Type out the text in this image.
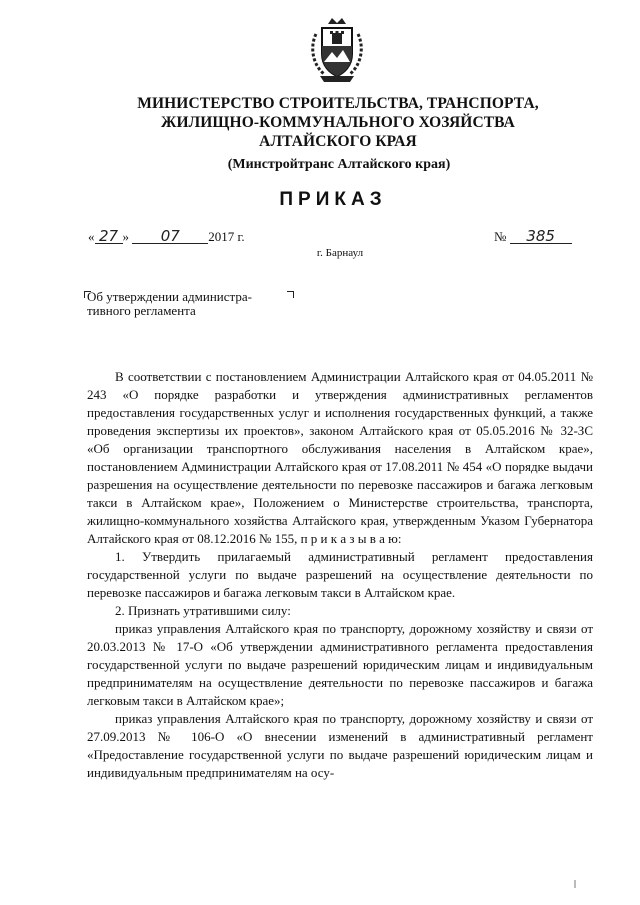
МИНИСТЕРСТВО СТРОИТЕЛЬСТВА, ТРАНСПОРТА,
ЖИЛИЩНО-КОММУНАЛЬНОГО ХОЗЯЙСТВА
АЛТАЙСКОГО КРАЯ
(Минстройтранс Алтайского края)
ПРИКАЗ
« 27 » 07 2017 г.	№ 385
г. Барнаул
Об утверждении администра-
тивного регламента

В соответствии с постановлением Администрации Алтайского края от 04.05.2011 № 243 «О порядке разработки и утверждения административных регламентов предоставления государственных услуг и исполнения государственных функций, а также проведения экспертизы их проектов», законом Алтайского края от 05.05.2016 № 32-ЗС «Об организации транспортного обслуживания населения в Алтайском крае», постановлением Администрации Алтайского края от 17.08.2011 № 454 «О порядке выдачи разрешения на осуществление деятельности по перевозке пассажиров и багажа легковым такси в Алтайском крае», Положением о Министерстве строительства, транспорта, жилищно-коммунального хозяйства Алтайского края, утвержденным Указом Губернатора Алтайского края от 08.12.2016 № 155, п р и к а з ы в а ю:

1. Утвердить прилагаемый административный регламент предоставления государственной услуги по выдаче разрешений на осуществление деятельности по перевозке пассажиров и багажа легковым такси в Алтайском крае.

2. Признать утратившими силу:

приказ управления Алтайского края по транспорту, дорожному хозяйству и связи от 20.03.2013 № 17-О «Об утверждении административного регламента предоставления государственной услуги по выдаче разрешений юридическим лицам и индивидуальным предпринимателям на осуществление деятельности по перевозке пассажиров и багажа легковым такси в Алтайском крае»;

приказ управления Алтайского края по транспорту, дорожному хозяйству и связи от 27.09.2013 № 106-О «О внесении изменений в административный регламент «Предоставление государственной услуги по выдаче разрешений юридическим лицам и индивидуальным предпринимателям на осу-
